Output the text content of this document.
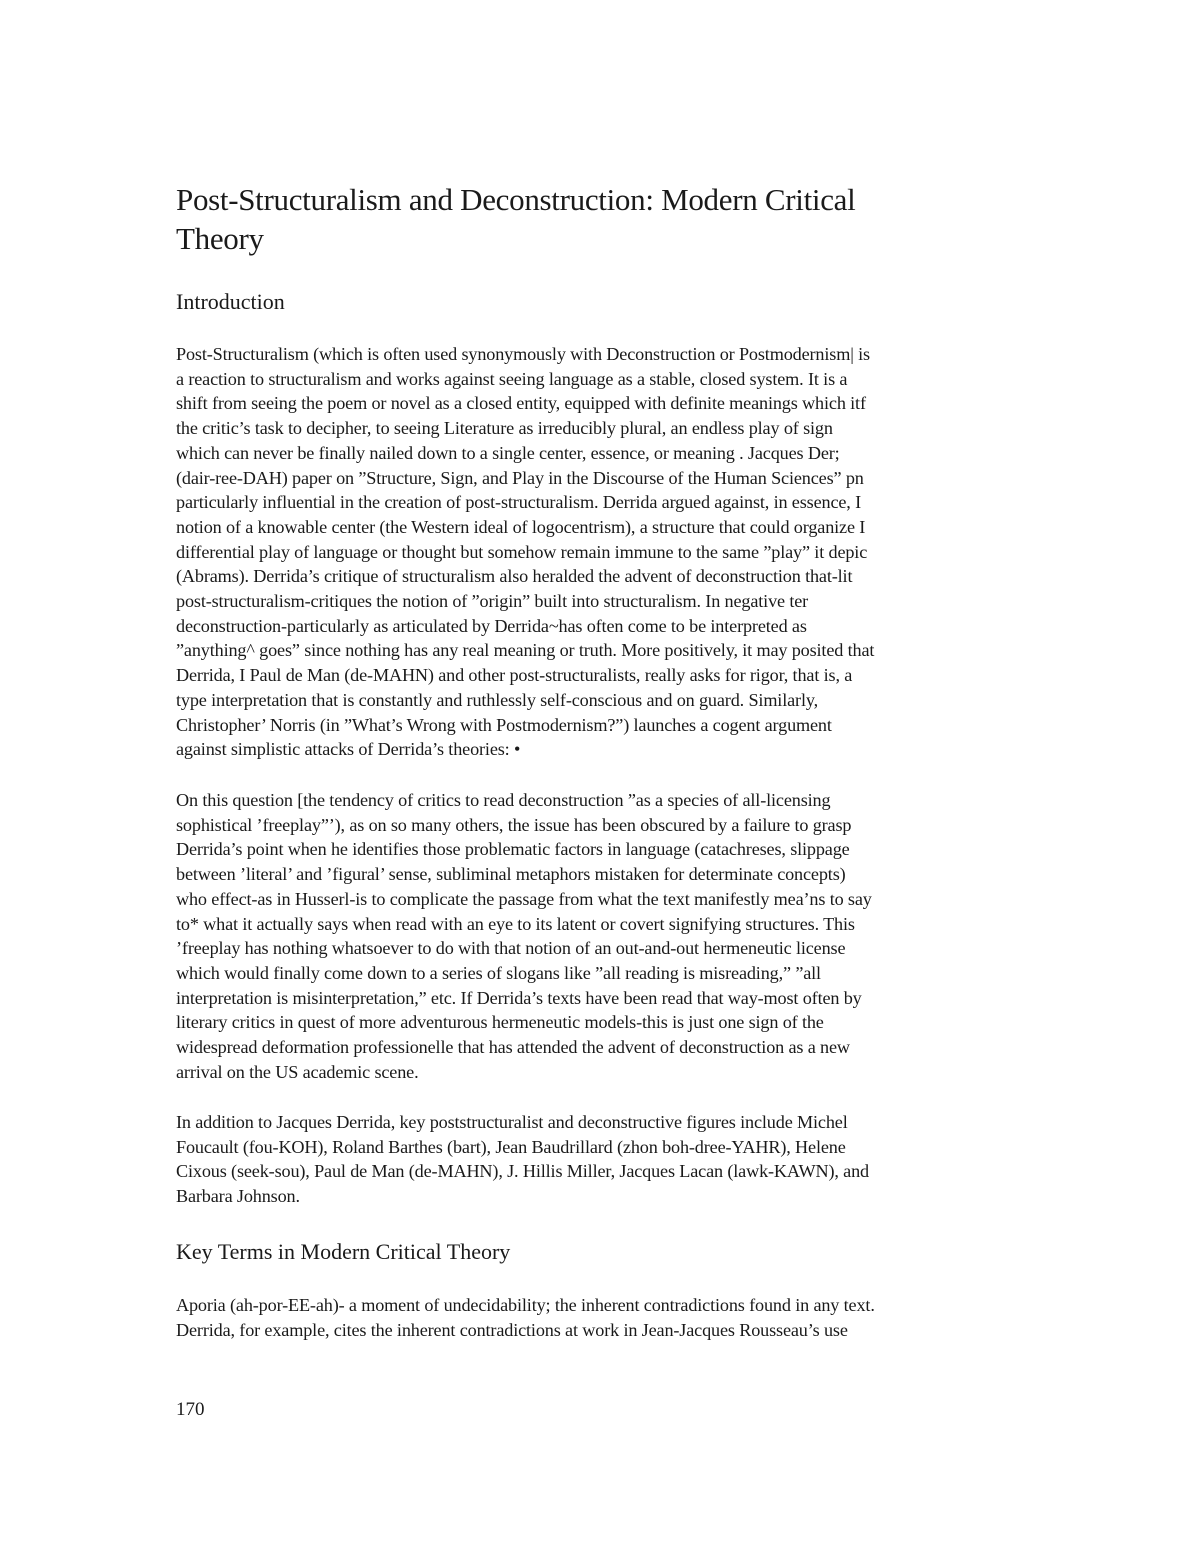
Post-Structuralism and Deconstruction: Modern Critical
Theory
Introduction
Post-Structuralism (which is often used synonymously with Deconstruction or Postmodernism| is
a reaction to structuralism and works against seeing language as a stable, closed system. It is a
shift from seeing the poem or novel as a closed entity, equipped with definite meanings which itf
the critic’s task to decipher, to seeing Literature as irreducibly plural, an endless play of sign
which can never be finally nailed down to a single center, essence, or meaning . Jacques Der;
(dair-ree-DAH) paper on ”Structure, Sign, and Play in the Discourse of the Human Sciences” pn
particularly influential in the creation of post-structuralism. Derrida argued against, in essence, I
notion of a knowable center (the Western ideal of logocentrism), a structure that could organize I
differential play of language or thought but somehow remain immune to the same ”play” it depic
(Abrams). Derrida’s critique of structuralism also heralded the advent of deconstruction that-lit
post-structuralism-critiques the notion of ”origin” built into structuralism. In negative ter
deconstruction-particularly as articulated by Derrida~has often come to be interpreted as
”anything^ goes” since nothing has any real meaning or truth. More positively, it may posited that
Derrida, I Paul de Man (de-MAHN) and other post-structuralists, really asks for rigor, that is, a
type interpretation that is constantly and ruthlessly self-conscious and on guard. Similarly,
Christopher’ Norris (in ”What’s Wrong with Postmodernism?”) launches a cogent argument
against simplistic attacks of Derrida’s theories: •
On this question [the tendency of critics to read deconstruction ”as a species of all-licensing
sophistical ’freeplay”’), as on so many others, the issue has been obscured by a failure to grasp
Derrida’s point when he identifies those problematic factors in language (catachreses, slippage
between ’literal’ and ’figural’ sense, subliminal metaphors mistaken for determinate concepts)
who effect-as in Husserl-is to complicate the passage from what the text manifestly mea’ns to say
to* what it actually says when read with an eye to its latent or covert signifying structures. This
’freeplay has nothing whatsoever to do with that notion of an out-and-out hermeneutic license
which would finally come down to a series of slogans like ”all reading is misreading,” ”all
interpretation is misinterpretation,” etc. If Derrida’s texts have been read that way-most often by
literary critics in quest of more adventurous hermeneutic models-this is just one sign of the
widespread deformation professionelle that has attended the advent of deconstruction as a new
arrival on the US academic scene.
In addition to Jacques Derrida, key poststructuralist and deconstructive figures include Michel
Foucault (fou-KOH), Roland Barthes (bart), Jean Baudrillard (zhon boh-dree-YAHR), Helene
Cixous (seek-sou), Paul de Man (de-MAHN), J. Hillis Miller, Jacques Lacan (lawk-KAWN), and
Barbara Johnson.
Key Terms in Modern Critical Theory
Aporia (ah-por-EE-ah)- a moment of undecidability; the inherent contradictions found in any text.
Derrida, for example, cites the inherent contradictions at work in Jean-Jacques Rousseau’s use
170
